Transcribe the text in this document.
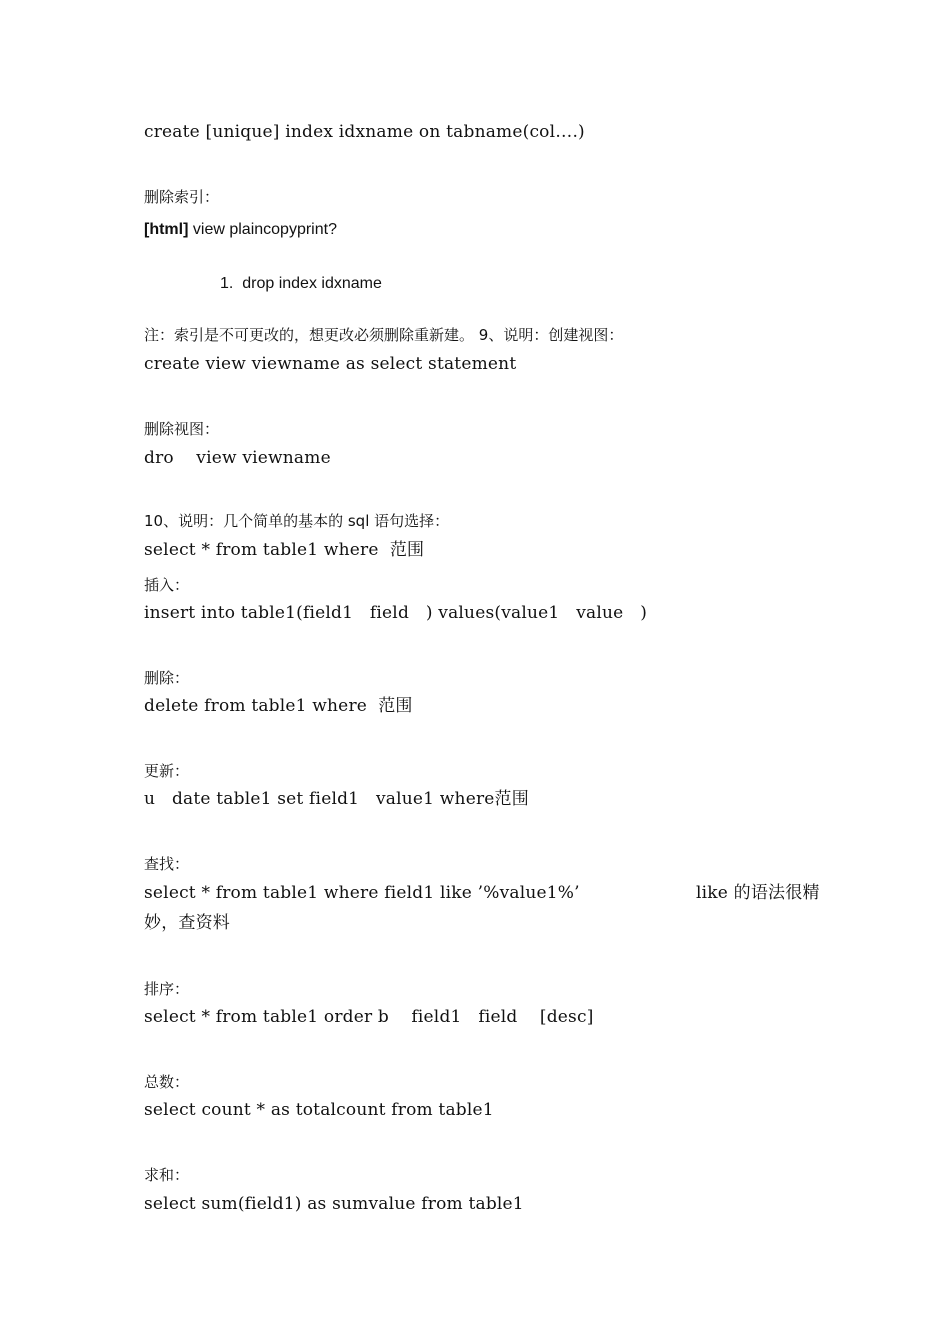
create [unique] index idxname on tabname(col….)
删除索引：
[html] view plaincopyprint?
1.  drop index idxname
注：索引是不可更改的，想更改必须删除重新建。 9、说明：创建视图：
create view viewname as select statement
删除视图：
dro    view viewname
10、说明：几个简单的基本的 sql 语句选择：
select * from table1 where  范围
插入：
insert into table1(field1   field   ) values(value1   value   )
删除：
delete from table1 where  范围
更新：
u   date table1 set field1   value1 where范围
查找：
select * from table1 where field1 like ’%value1%’	like 的语法很精
妙，查资料
排序：
select * from table1 order b    field1   field    [desc]
总数：
select count * as totalcount from table1
求和：
select sum(field1) as sumvalue from table1
